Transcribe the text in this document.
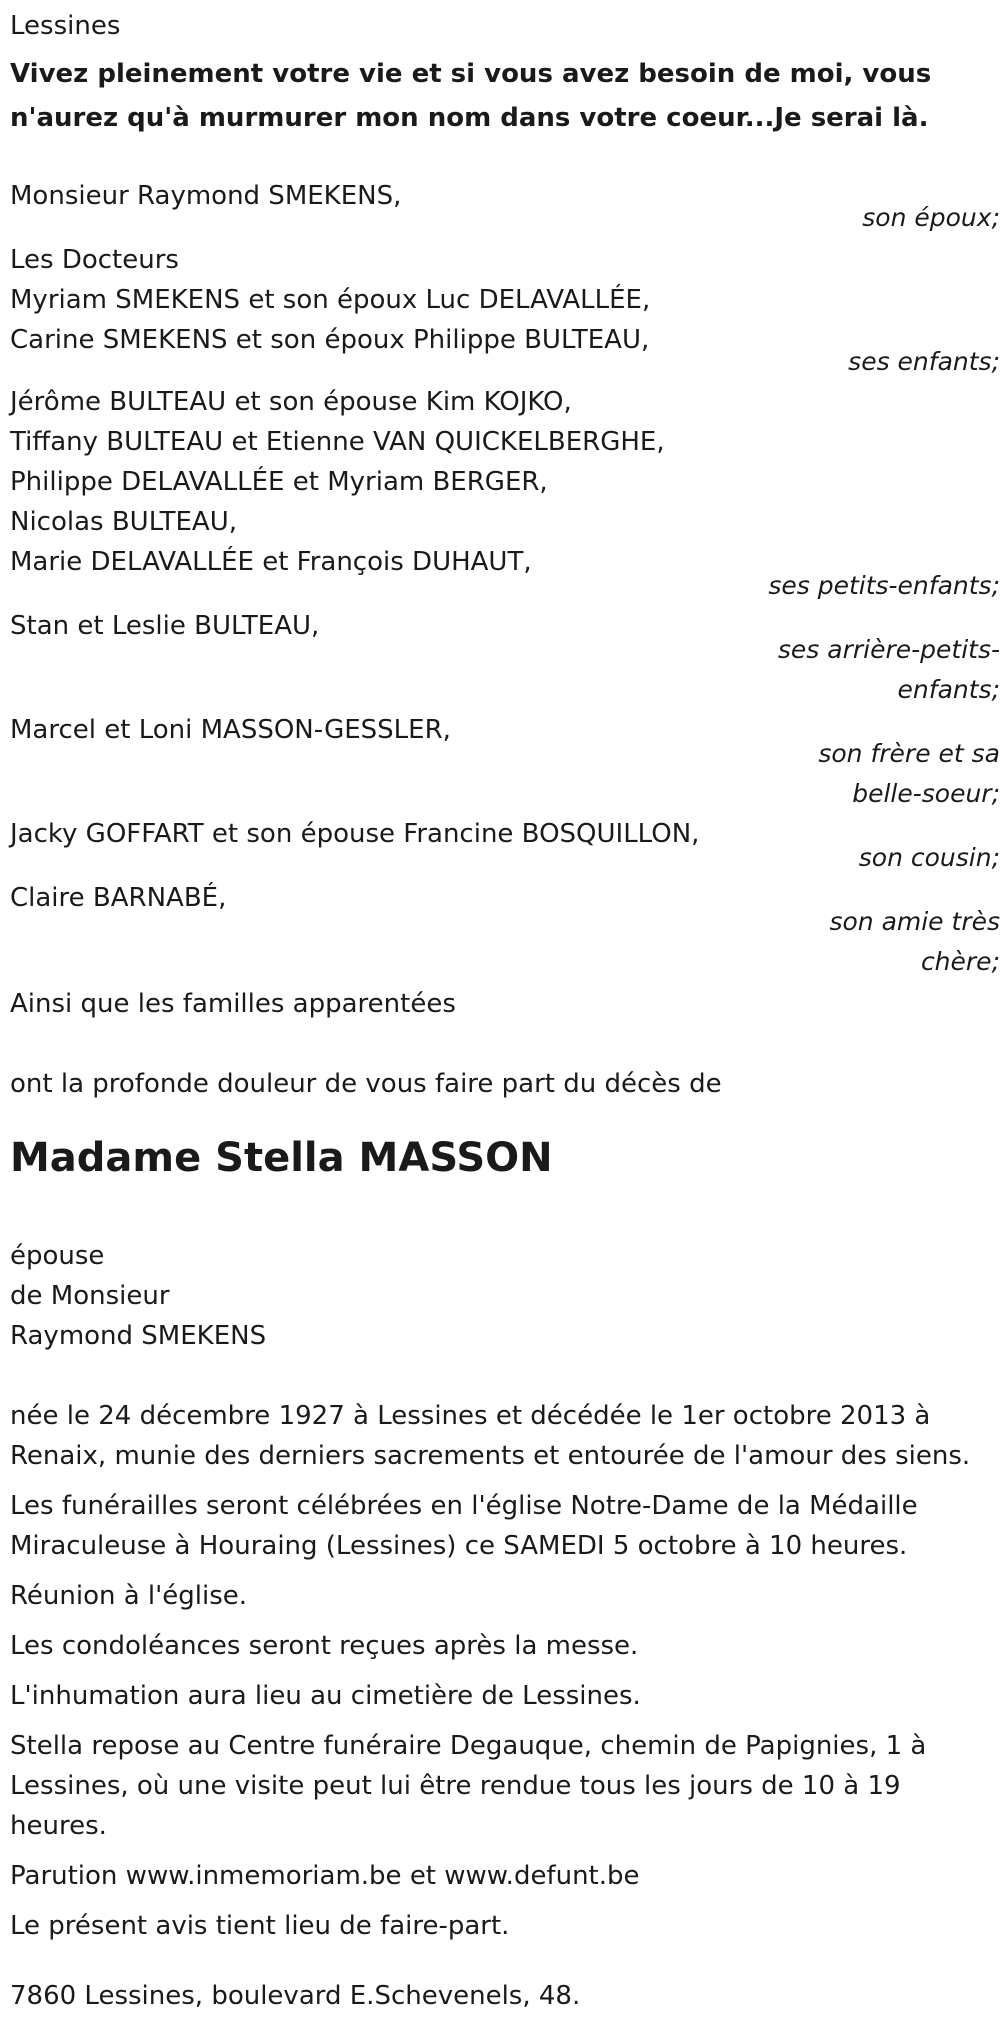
Lessines

Vivez pleinement votre vie et si vous avez besoin de moi, vous n'aurez qu'à murmurer mon nom dans votre coeur...Je serai là.

Monsieur Raymond SMEKENS,
son époux;
Les Docteurs
Myriam SMEKENS et son époux Luc DELAVALLÉE,
Carine SMEKENS et son époux Philippe BULTEAU,
ses enfants;
Jérôme BULTEAU et son épouse Kim KOJKO,
Tiffany BULTEAU et Etienne VAN QUICKELBERGHE,
Philippe DELAVALLÉE et Myriam BERGER,
Nicolas BULTEAU,
Marie DELAVALLÉE et François DUHAUT,
ses petits-enfants;
Stan et Leslie BULTEAU,
ses arrière-petits-
enfants;
Marcel et Loni MASSON-GESSLER,
son frère et sa
belle-soeur;
Jacky GOFFART et son épouse Francine BOSQUILLON,
son cousin;
Claire BARNABÉ,
son amie très
chère;
Ainsi que les familles apparentées
ont la profonde douleur de vous faire part du décès de
Madame Stella MASSON
épouse
de Monsieur
Raymond SMEKENS
née le 24 décembre 1927 à Lessines et décédée le 1er octobre 2013 à
Renaix, munie des derniers sacrements et entourée de l'amour des siens.
Les funérailles seront célébrées en l'église Notre-Dame de la Médaille
Miraculeuse à Houraing (Lessines) ce SAMEDI 5 octobre à 10 heures.
Réunion à l'église.
Les condoléances seront reçues après la messe.
L'inhumation aura lieu au cimetière de Lessines.
Stella repose au Centre funéraire Degauque, chemin de Papignies, 1 à
Lessines, où une visite peut lui être rendue tous les jours de 10 à 19
heures.
Parution www.inmemoriam.be et www.defunt.be
Le présent avis tient lieu de faire-part.
7860 Lessines, boulevard E.Schevenels, 48.
